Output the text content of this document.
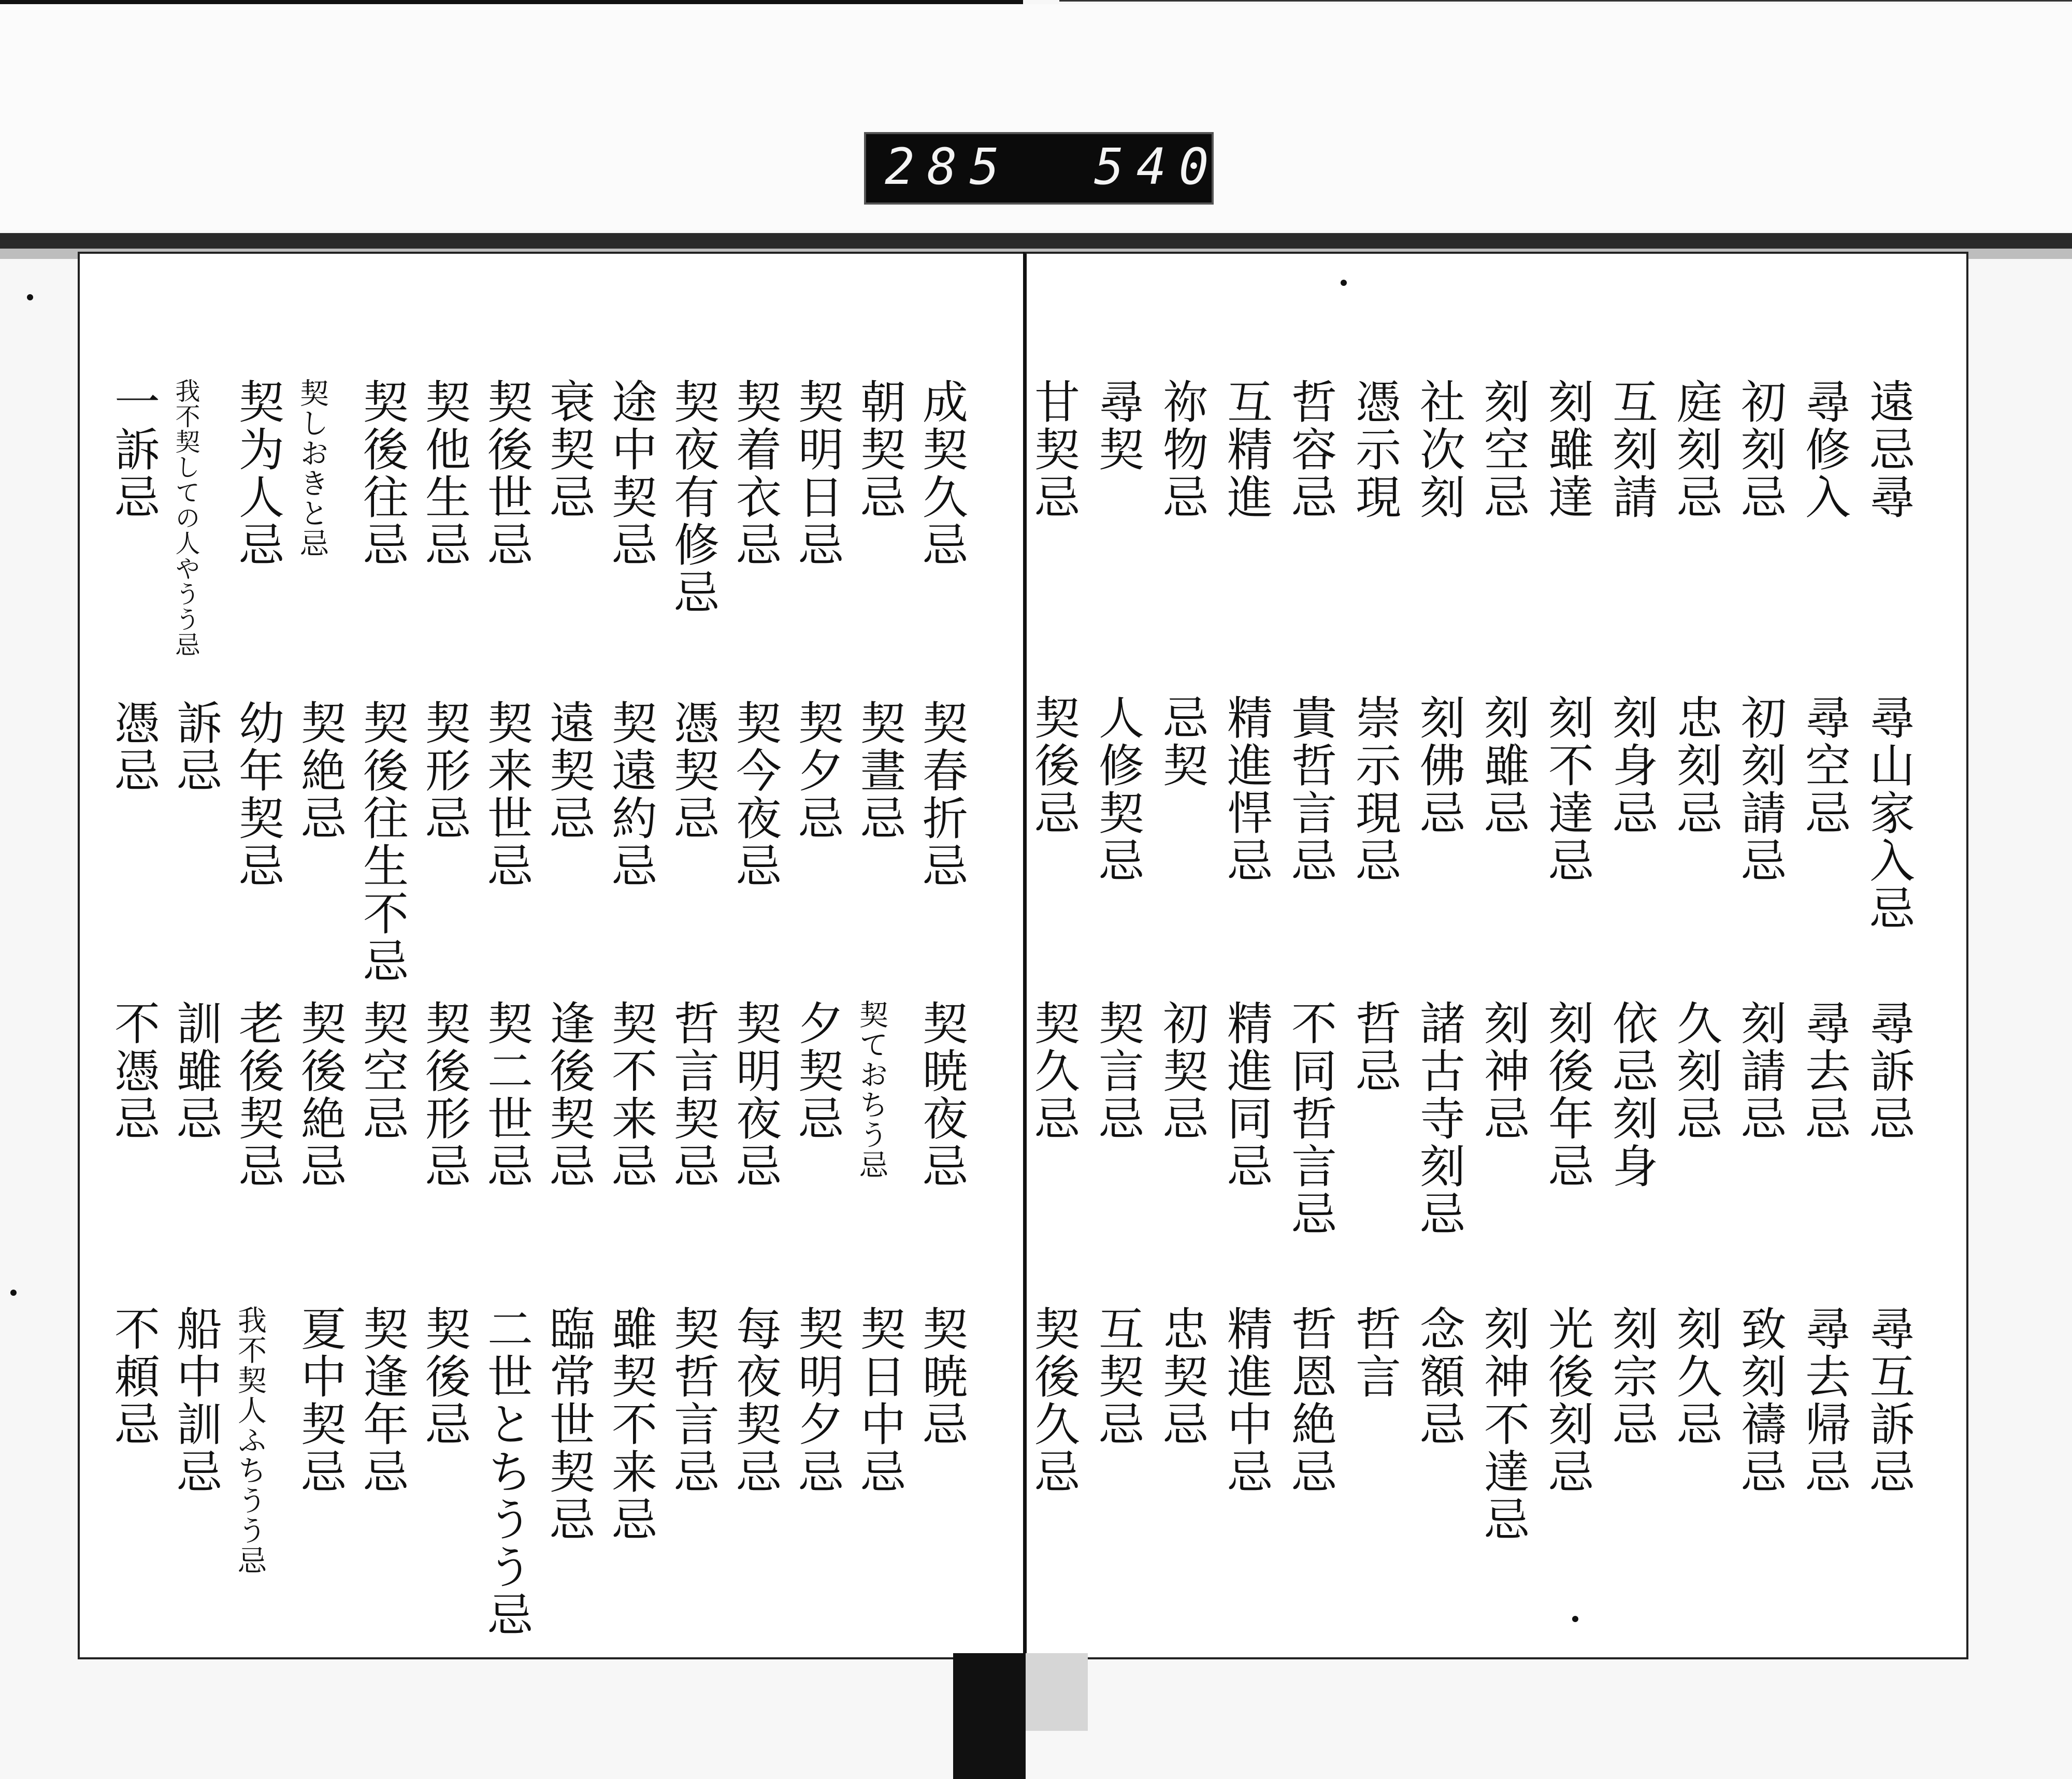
285 540
成契久忌
朝契忌
契明日忌
契着衣忌
契夜有修忌
途中契忌
衰契忌
契後世忌
契他生忌
契後往忌
契しおきと忌
契为人忌
我不契しての人やうう忌
一訴忌
契春折忌
契晝忌
契夕忌
契今夜忌
憑契忌
契遠約忌
遠契忌
契来世忌
契形忌
契後往生不忌
契絶忌
幼年契忌
訴忌
憑忌
契暁夜忌
契ておちう忌
夕契忌
契明夜忌
哲言契忌
契不来忌
逢後契忌
契二世忌
契後形忌
契空忌
契後絶忌
老後契忌
訓雖忌
不憑忌
契暁忌
契日中忌
契明夕忌
每夜契忌
契哲言忌
雖契不来忌
臨常世契忌
二世とちうう忌
契後忌
契逢年忌
夏中契忌
我不契人ふちうう忌
船中訓忌
不頼忌
遠忌尋
尋修入
初刻忌
庭刻忌
互刻請
刻雖達
刻空忌
社次刻
憑示現
哲容忌
互精進
祢物忌
尋契
甘契忌
尋山家入忌
尋空忌
初刻請忌
忠刻忌
刻身忌
刻不達忌
刻雖忌
刻佛忌
崇示現忌
貴哲言忌
精進悍忌
忌契
人修契忌
契後忌
尋訴忌
尋去忌
刻請忌
久刻忌
依忌刻身
刻後年忌
刻神忌
諸古寺刻忌
哲忌
不同哲言忌
精進同忌
初契忌
契言忌
契久忌
尋互訴忌
尋去帰忌
致刻禱忌
刻久忌
刻宗忌
光後刻忌
刻神不達忌
念額忌
哲言
哲恩絶忌
精進中忌
忠契忌
互契忌
契後久忌
